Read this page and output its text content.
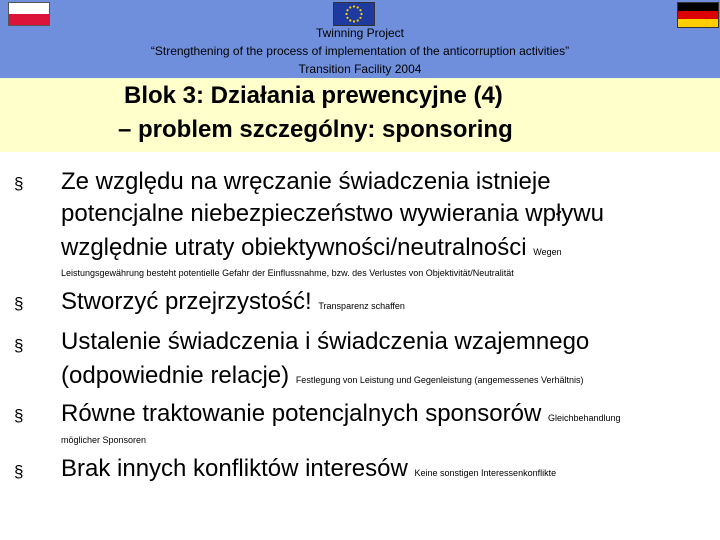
Twinning Project
“Strengthening of the process of implementation of the anticorruption activities”
Transition Facility 2004
Blok 3: Działania prewencyjne (4)
– problem szczególny: sponsoring
§ Ze względu na wręczanie świadczenia istnieje
potencjalne niebezpieczeństwo wywierania wpływu
względnie utraty obiektywności/neutralności Wegen
Leistungsgewährung besteht potentielle Gefahr der Einflussnahme, bzw. des Verlustes von Objektivität/Neutralität
§ Stworzyć przejrzystość! Transparenz schaffen
§ Ustalenie świadczenia i świadczenia wzajemnego
(odpowiednie relacje) Festlegung von Leistung und Gegenleistung (angemessenes Verhältnis)
§ Równe traktowanie potencjalnych sponsorów Gleichbehandlung
möglicher Sponsoren
§ Brak innych konfliktów interesów Keine sonstigen Interessenkonflikte
